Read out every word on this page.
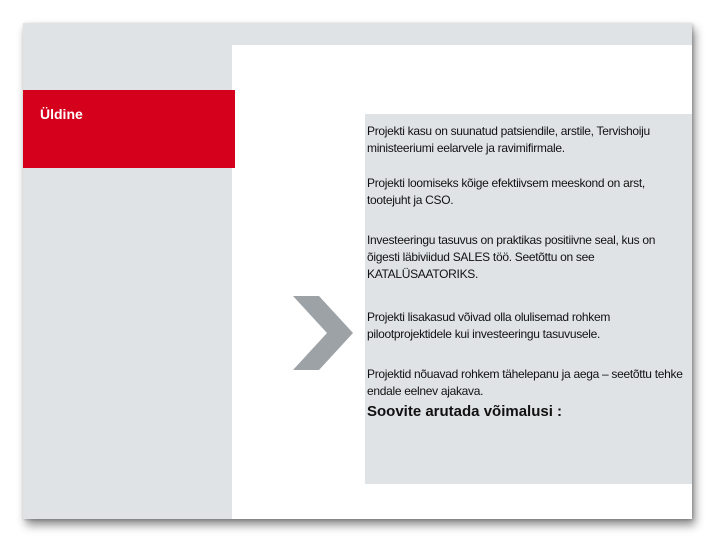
Üldine

Projekti kasu on suunatud patsiendile, arstile, Tervishoiju ministeeriumi eelarvele ja ravimifirmale.

Projekti loomiseks kõige efektiivsem meeskond on arst, tootejuht ja CSO.

Investeeringu tasuvus on praktikas positiivne seal, kus on õigesti läbiviidud SALES töö. Seetõttu on see KATALÜSAATORIKS.

Projekti lisakasud võivad olla olulisemad rohkem pilootprojektidele kui investeeringu tasuvusele.

Projektid nõuavad rohkem tähelepanu ja aega – seetõttu tehke endale eelnev ajakava.

Soovite arutada võimalusi :
